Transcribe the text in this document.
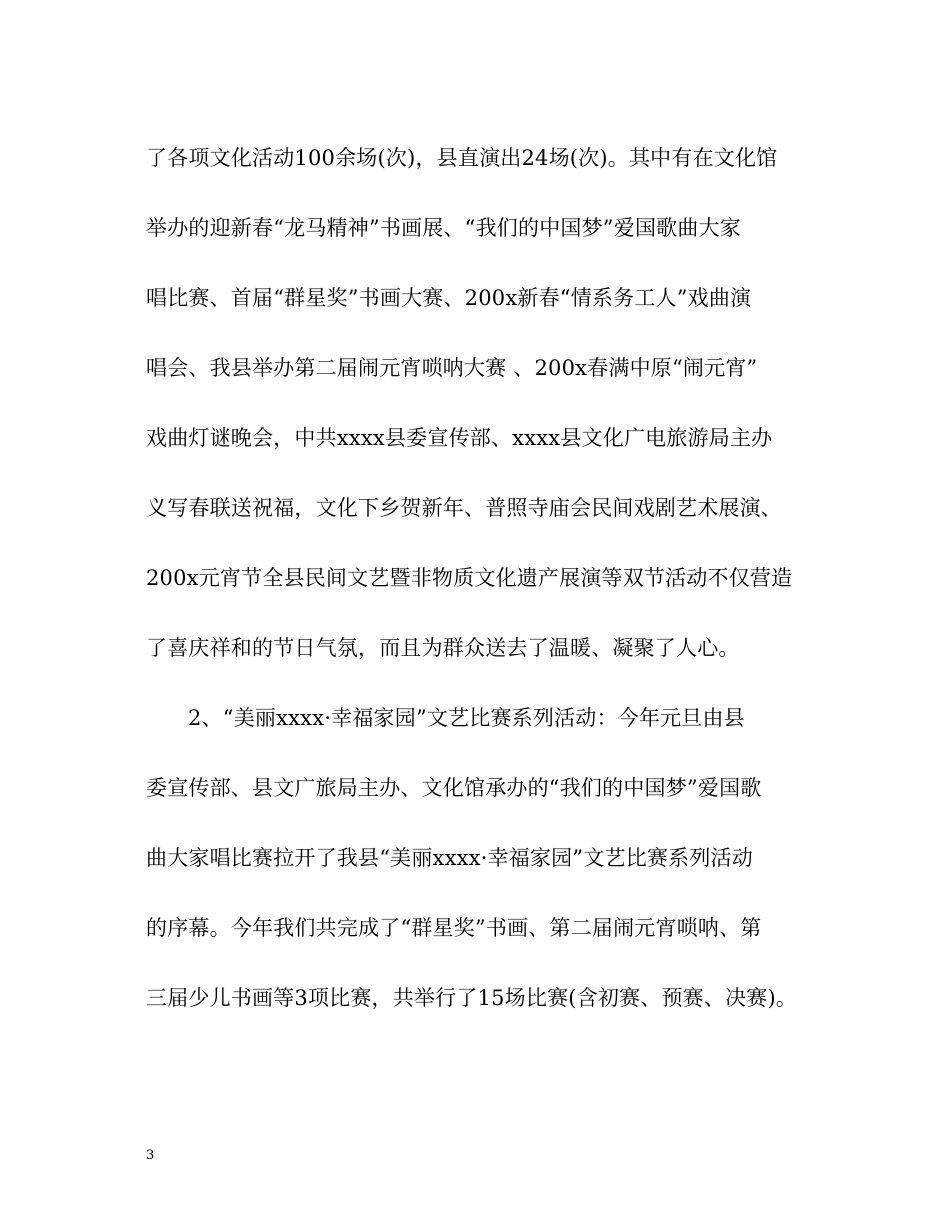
了各项文化活动100余场(次)，县直演出24场(次)。其中有在文化馆
举办的迎新春“龙马精神”书画展、“我们的中国梦”爱国歌曲大家
唱比赛、首届“群星奖”书画大赛、200x新春“情系务工人”戏曲演
唱会、我县举办第二届闹元宵唢呐大赛 、200x春满中原“闹元宵”
戏曲灯谜晚会，中共xxxx县委宣传部、xxxx县文化广电旅游局主办
义写春联送祝福，文化下乡贺新年、普照寺庙会民间戏剧艺术展演、
200x元宵节全县民间文艺暨非物质文化遗产展演等双节活动不仅营造
了喜庆祥和的节日气氛，而且为群众送去了温暖、凝聚了人心。
2、“美丽xxxx·幸福家园”文艺比赛系列活动：今年元旦由县
委宣传部、县文广旅局主办、文化馆承办的“我们的中国梦”爱国歌
曲大家唱比赛拉开了我县“美丽xxxx·幸福家园”文艺比赛系列活动
的序幕。今年我们共完成了“群星奖”书画、第二届闹元宵唢呐、第
三届少儿书画等3项比赛，共举行了15场比赛(含初赛、预赛、决赛)。
3
